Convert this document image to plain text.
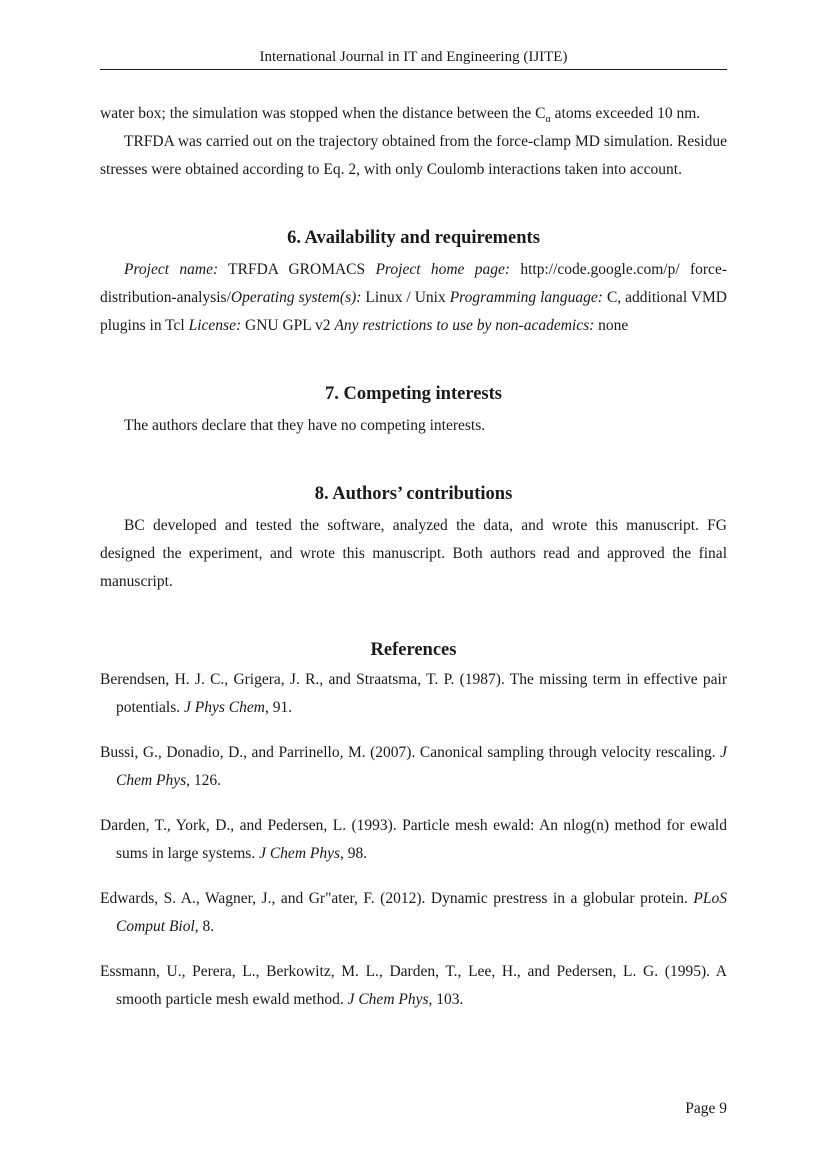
International Journal in IT and Engineering (IJITE)

water box; the simulation was stopped when the distance between the $C_\alpha$ atoms exceeded 10 nm.

TRFDA was carried out on the trajectory obtained from the force-clamp MD simulation. Residue stresses were obtained according to Eq. 2, with only Coulomb interactions taken into account.

6. Availability and requirements

Project name: TRFDA GROMACS Project home page: http://code.google.com/p/ force-distribution-analysis/Operating system(s): Linux / Unix Programming language: C, additional VMD plugins in Tcl License: GNU GPL v2 Any restrictions to use by non-academics: none

7. Competing interests

The authors declare that they have no competing interests.

8. Authors’ contributions

BC developed and tested the software, analyzed the data, and wrote this manuscript. FG designed the experiment, and wrote this manuscript. Both authors read and approved the final manuscript.

References

Berendsen, H. J. C., Grigera, J. R., and Straatsma, T. P. (1987). The missing term in effective pair potentials. J Phys Chem, 91.

Bussi, G., Donadio, D., and Parrinello, M. (2007). Canonical sampling through velocity rescaling. J Chem Phys, 126.

Darden, T., York, D., and Pedersen, L. (1993). Particle mesh ewald: An nlog(n) method for ewald sums in large systems. J Chem Phys, 98.

Edwards, S. A., Wagner, J., and Gr"ater, F. (2012). Dynamic prestress in a globular protein. PLoS Comput Biol, 8.

Essmann, U., Perera, L., Berkowitz, M. L., Darden, T., Lee, H., and Pedersen, L. G. (1995). A smooth particle mesh ewald method. J Chem Phys, 103.

Page 9
